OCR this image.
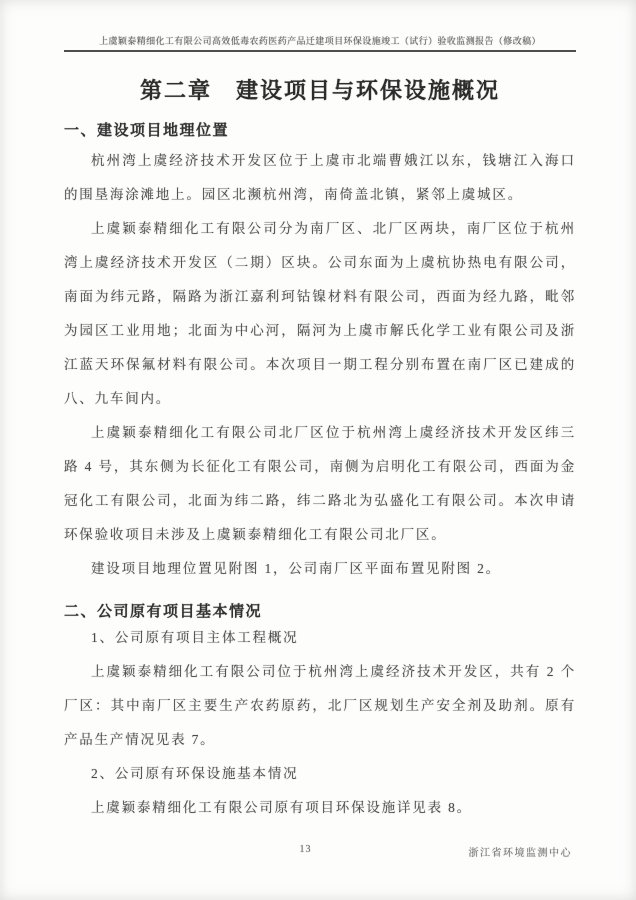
上虞颖泰精细化工有限公司高效低毒农药医药产品迁建项目环保设施竣工（试行）验收监测报告（修改稿）
第二章　建设项目与环保设施概况
一、建设项目地理位置

杭州湾上虞经济技术开发区位于上虞市北端曹娥江以东，钱塘江入海口的围垦海涂滩地上。园区北濒杭州湾，南倚盖北镇，紧邻上虞城区。

上虞颖泰精细化工有限公司分为南厂区、北厂区两块，南厂区位于杭州湾上虞经济技术开发区（二期）区块。公司东面为上虞杭协热电有限公司，南面为纬元路，隔路为浙江嘉利珂钴镍材料有限公司，西面为经九路，毗邻为园区工业用地；北面为中心河，隔河为上虞市解氏化学工业有限公司及浙江蓝天环保氟材料有限公司。本次项目一期工程分别布置在南厂区已建成的八、九车间内。

上虞颖泰精细化工有限公司北厂区位于杭州湾上虞经济技术开发区纬三路 4 号，其东侧为长征化工有限公司，南侧为启明化工有限公司，西面为金冠化工有限公司，北面为纬二路，纬二路北为弘盛化工有限公司。本次申请环保验收项目未涉及上虞颖泰精细化工有限公司北厂区。

建设项目地理位置见附图 1，公司南厂区平面布置见附图 2。

二、公司原有项目基本情况

1、公司原有项目主体工程概况

上虞颖泰精细化工有限公司位于杭州湾上虞经济技术开发区，共有 2 个厂区：其中南厂区主要生产农药原药，北厂区规划生产安全剂及助剂。原有产品生产情况见表 7。

2、公司原有环保设施基本情况

上虞颖泰精细化工有限公司原有项目环保设施详见表 8。

13	浙江省环境监测中心
